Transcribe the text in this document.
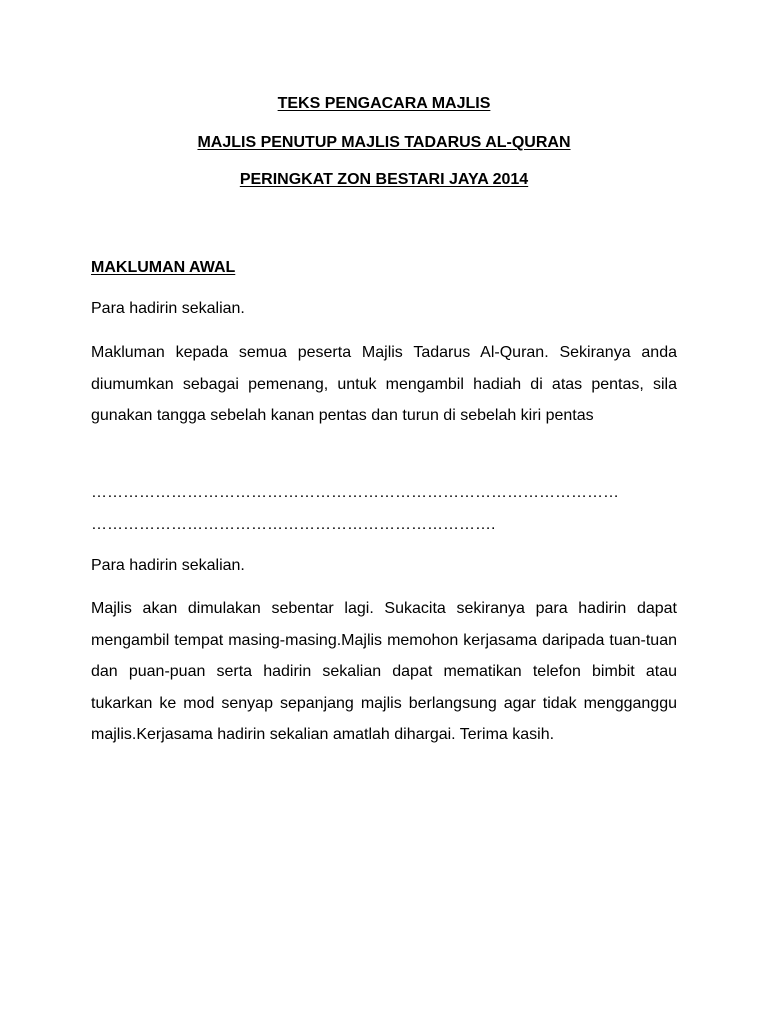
TEKS PENGACARA MAJLIS
MAJLIS PENUTUP MAJLIS TADARUS AL-QURAN
PERINGKAT ZON BESTARI JAYA 2014
MAKLUMAN AWAL

Para hadirin sekalian.

Makluman kepada semua peserta Majlis Tadarus Al-Quran. Sekiranya anda diumumkan sebagai pemenang, untuk mengambil hadiah di atas pentas, sila gunakan tangga sebelah kanan pentas dan turun di sebelah kiri pentas

………………………………………………………………………………………
………………………………………………………………….

Para hadirin sekalian.

Majlis akan dimulakan sebentar lagi. Sukacita sekiranya para hadirin dapat mengambil tempat masing-masing.Majlis memohon kerjasama daripada tuan-tuan dan puan-puan serta hadirin sekalian dapat mematikan telefon bimbit atau tukarkan ke mod senyap sepanjang majlis berlangsung agar tidak mengganggu majlis.Kerjasama hadirin sekalian amatlah dihargai. Terima kasih.
